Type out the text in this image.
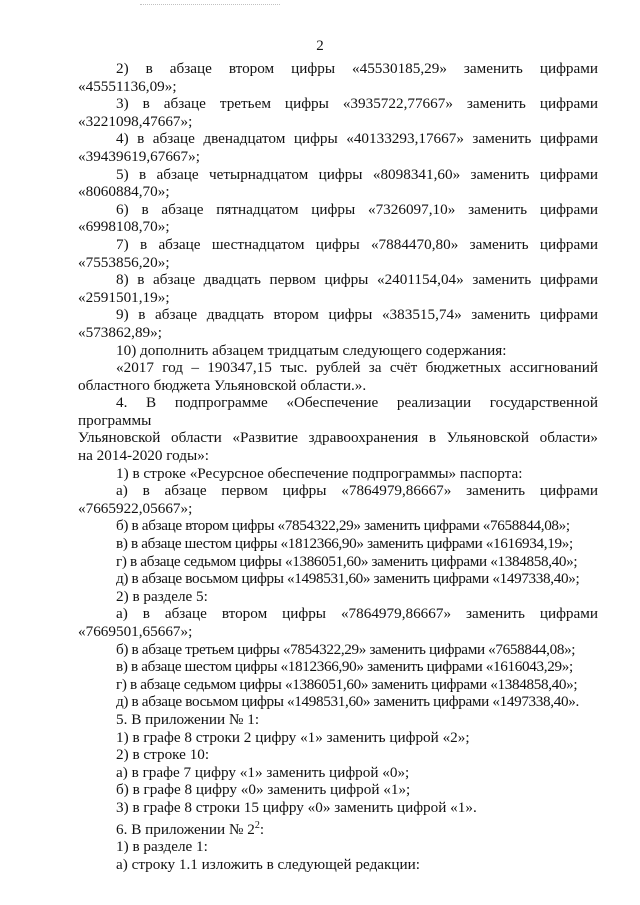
2

2) в абзаце втором цифры «45530185,29» заменить цифрами

«45551136,09»;

3) в абзаце третьем цифры «3935722,77667» заменить цифрами

«3221098,47667»;

4) в абзаце двенадцатом цифры «40133293,17667» заменить цифрами

«39439619,67667»;

5) в абзаце четырнадцатом цифры «8098341,60» заменить цифрами

«8060884,70»;

6) в абзаце пятнадцатом цифры «7326097,10» заменить цифрами

«6998108,70»;

7) в абзаце шестнадцатом цифры «7884470,80» заменить цифрами

«7553856,20»;

8) в абзаце двадцать первом цифры «2401154,04» заменить цифрами

«2591501,19»;

9) в абзаце двадцать втором цифры «383515,74» заменить цифрами

«573862,89»;

10) дополнить абзацем тридцатым следующего содержания:

«2017 год – 190347,15 тыс. рублей за счёт бюджетных ассигнований

областного бюджета Ульяновской области.».

4. В подпрограмме «Обеспечение реализации государственной программы

Ульяновской области «Развитие здравоохранения в Ульяновской области»

на 2014-2020 годы»:

1) в строке «Ресурсное обеспечение подпрограммы» паспорта:

а) в абзаце первом цифры «7864979,86667» заменить цифрами

«7665922,05667»;

б) в абзаце втором цифры «7854322,29» заменить цифрами «7658844,08»;

в) в абзаце шестом цифры «1812366,90» заменить цифрами «1616934,19»;

г) в абзаце седьмом цифры «1386051,60» заменить цифрами «1384858,40»;

д) в абзаце восьмом цифры «1498531,60» заменить цифрами «1497338,40»;

2) в разделе 5:

а) в абзаце втором цифры «7864979,86667» заменить цифрами

«7669501,65667»;

б) в абзаце третьем цифры «7854322,29» заменить цифрами «7658844,08»;

в) в абзаце шестом цифры «1812366,90» заменить цифрами «1616043,29»;

г) в абзаце седьмом цифры «1386051,60» заменить цифрами «1384858,40»;

д) в абзаце восьмом цифры «1498531,60» заменить цифрами «1497338,40».

5. В приложении № 1:

1) в графе 8 строки 2 цифру «1» заменить цифрой «2»;

2) в строке 10:

а) в графе 7 цифру «1» заменить цифрой «0»;

б) в графе 8 цифру «0» заменить цифрой «1»;

3) в графе 8 строки 15 цифру «0» заменить цифрой «1».

6. В приложении № $2^2$:

1) в разделе 1:

а) строку 1.1 изложить в следующей редакции:
